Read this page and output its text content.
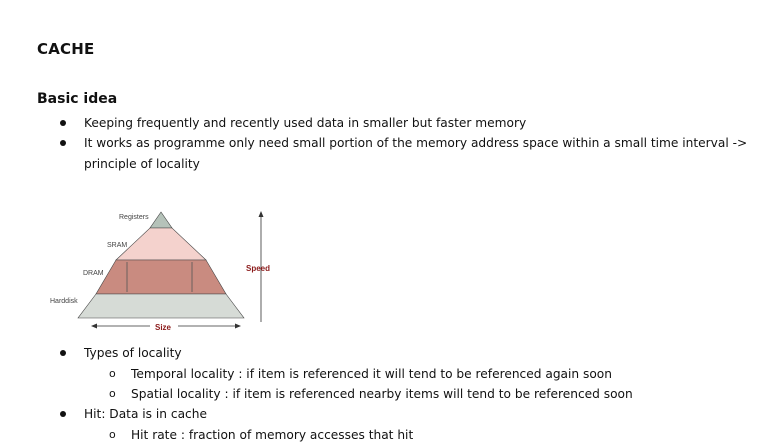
CACHE
Basic idea
Keeping frequently and recently used data in smaller but faster memory
It works as programme only need small portion of the memory address space within a small time interval ->
principle of locality
Registers
SRAM
DRAM
Harddisk
Speed
Size
Types of locality
o Temporal locality : if item is referenced it will tend to be referenced again soon
o Spatial locality : if item is referenced nearby items will tend to be referenced soon
Hit: Data is in cache
o Hit rate : fraction of memory accesses that hit
